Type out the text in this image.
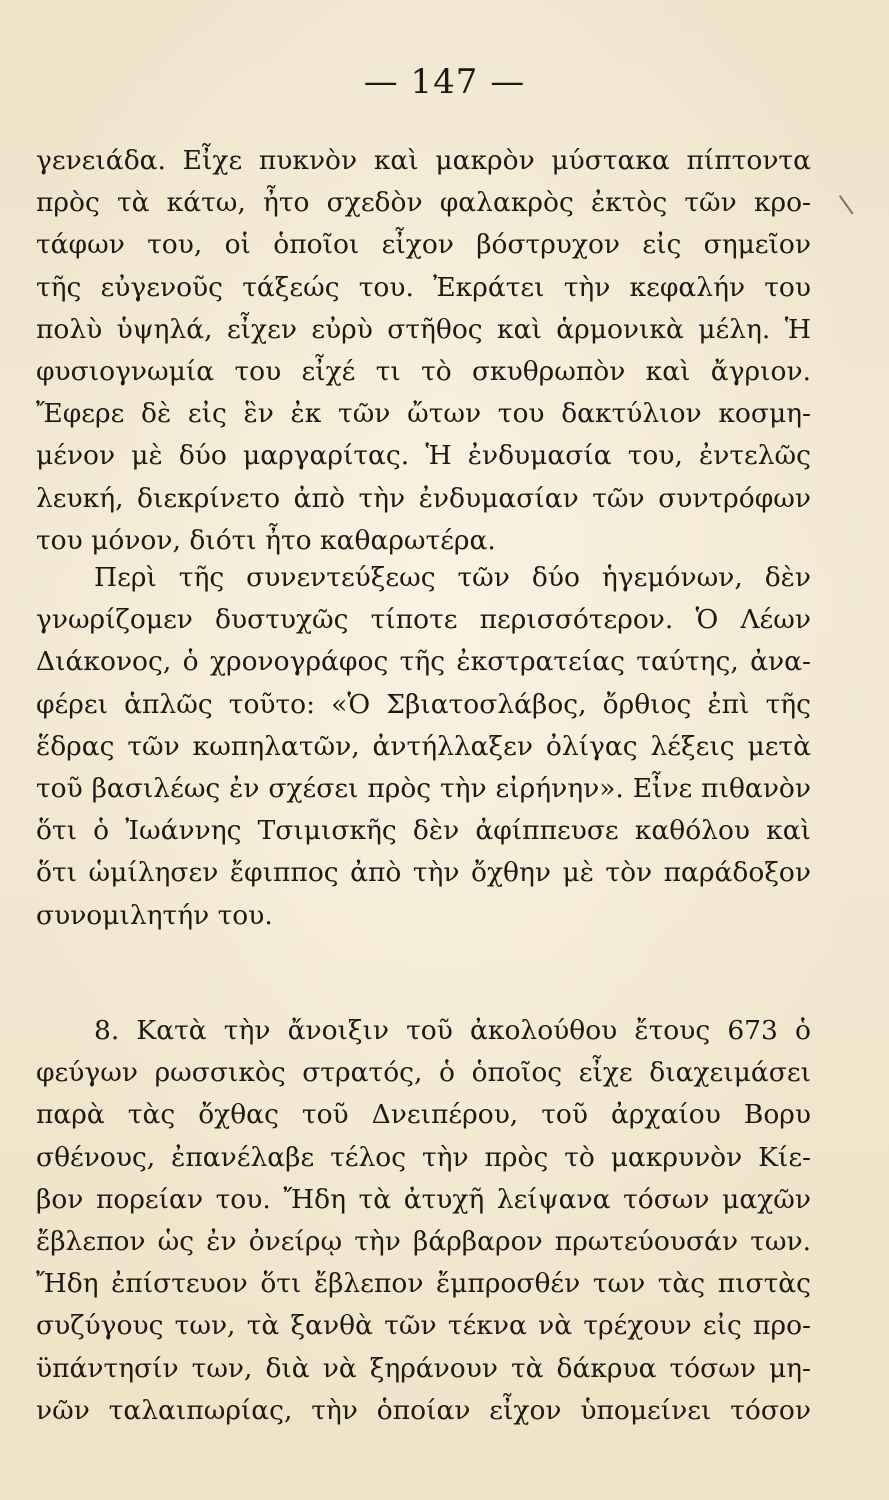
— 147 —
\
γενειάδα. Εἶχε πυκνὸν καὶ μακρὸν μύστακα πίπτοντα
πρὸς τὰ κάτω, ἦτο σχεδὸν φαλακρὸς ἐκτὸς τῶν κρο-
τάφων του, οἱ ὁποῖοι εἶχον βόστρυχον εἰς σημεῖον
τῆς εὐγενοῦς τάξεώς του. Ἐκράτει τὴν κεφαλήν του
πολὺ ὑψηλά, εἶχεν εὐρὺ στῆθος καὶ ἁρμονικὰ μέλη. Ἡ
φυσιογνωμία του εἶχέ τι τὸ σκυθρωπὸν καὶ ἄγριον.
Ἔφερε δὲ εἰς ἓν ἐκ τῶν ὤτων του δακτύλιον κοσμη-
μένον μὲ δύο μαργαρίτας. Ἡ ἐνδυμασία του, ἐντελῶς
λευκή, διεκρίνετο ἀπὸ τὴν ἐνδυμασίαν τῶν συντρόφων
του μόνον, διότι ἦτο καθαρωτέρα.
Περὶ τῆς συνεντεύξεως τῶν δύο ἡγεμόνων, δὲν
γνωρίζομεν δυστυχῶς τίποτε περισσότερον. Ὁ Λέων
Διάκονος, ὁ χρονογράφος τῆς ἐκστρατείας ταύτης, ἀνα-
φέρει ἁπλῶς τοῦτο: «Ὁ Σβιατοσλάβος, ὄρθιος ἐπὶ τῆς
ἕδρας τῶν κωπηλατῶν, ἀντήλλαξεν ὀλίγας λέξεις μετὰ
τοῦ βασιλέως ἐν σχέσει πρὸς τὴν εἰρήνην». Εἶνε πιθανὸν
ὅτι ὁ Ἰωάννης Τσιμισκῆς δὲν ἀφίππευσε καθόλου καὶ
ὅτι ὡμίλησεν ἔφιππος ἀπὸ τὴν ὄχθην μὲ τὸν παράδοξον
συνομιλητήν του.
8. Κατὰ τὴν ἄνοιξιν τοῦ ἀκολούθου ἔτους 673 ὁ
φεύγων ρωσσικὸς στρατός, ὁ ὁποῖος εἶχε διαχειμάσει
παρὰ τὰς ὄχθας τοῦ Δνειπέρου, τοῦ ἀρχαίου Βορυ
σθένους, ἐπανέλαβε τέλος τὴν πρὸς τὸ μακρυνὸν Κίε-
βον πορείαν του. Ἤδη τὰ ἀτυχῆ λείψανα τόσων μαχῶν
ἔβλεπον ὡς ἐν ὀνείρῳ τὴν βάρβαρον πρωτεύουσάν των.
Ἤδη ἐπίστευον ὅτι ἔβλεπον ἔμπροσθέν των τὰς πιστὰς
συζύγους των, τὰ ξανθὰ τῶν τέκνα νὰ τρέχουν εἰς προ-
ϋπάντησίν των, διὰ νὰ ξηράνουν τὰ δάκρυα τόσων μη-
νῶν ταλαιπωρίας, τὴν ὁποίαν εἶχον ὑπομείνει τόσον
